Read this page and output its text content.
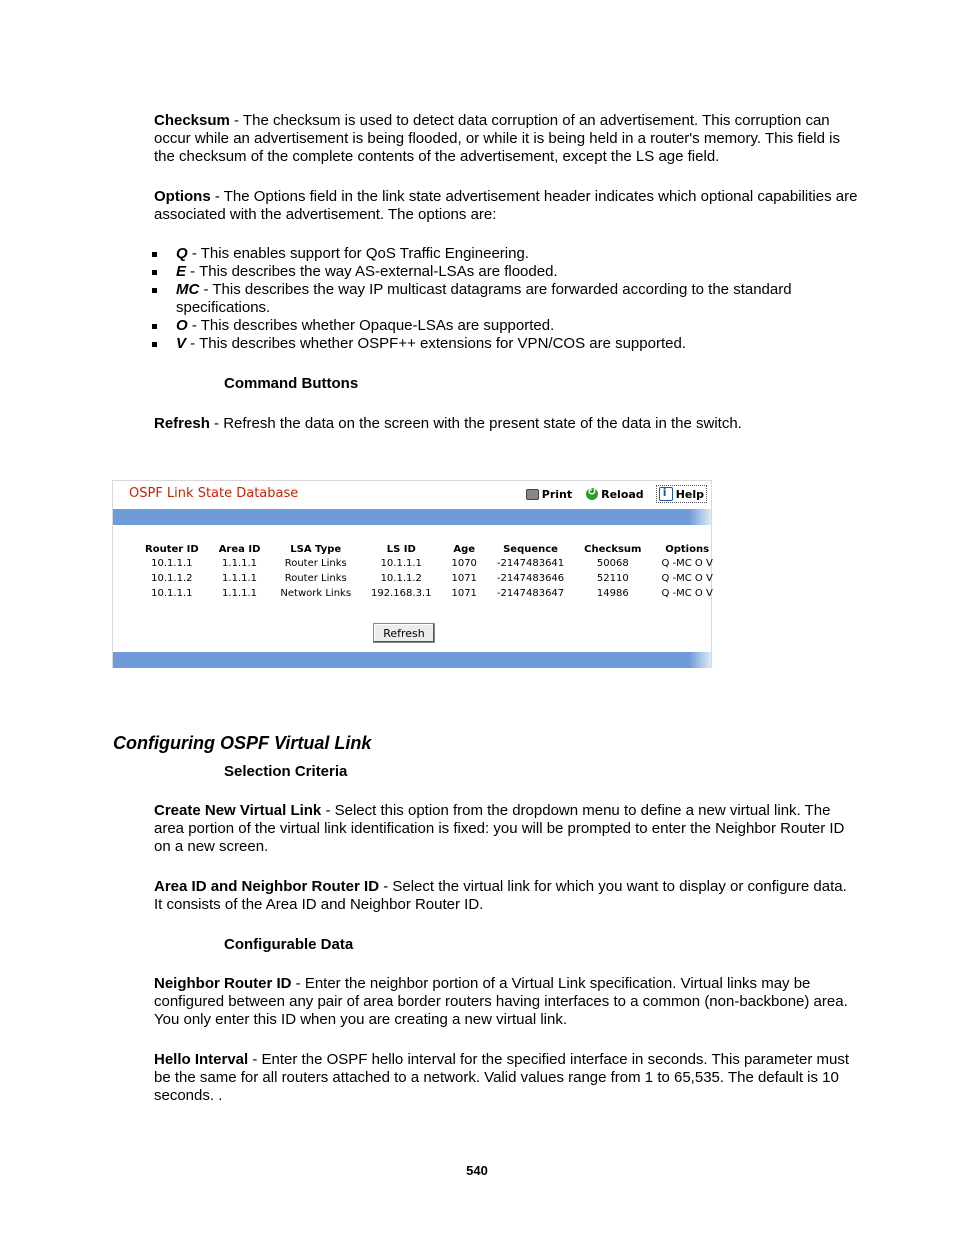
Checksum - The checksum is used to detect data corruption of an advertisement. This corruption can occur while an advertisement is being flooded, or while it is being held in a router's memory. This field is the checksum of the complete contents of the advertisement, except the LS age field.

Options - The Options field in the link state advertisement header indicates which optional capabilities are associated with the advertisement. The options are:

Q - This enables support for QoS Traffic Engineering.
E - This describes the way AS-external-LSAs are flooded.
MC - This describes the way IP multicast datagrams are forwarded according to the standard specifications.
O - This describes whether Opaque-LSAs are supported.
V - This describes whether OSPF++ extensions for VPN/COS are supported.

Command Buttons

Refresh - Refresh the data on the screen with the present state of the data in the switch.

OSPF Link State Database	Print ↻	Reload i	Help
Router ID	Area ID	LSA Type	LS ID	Age	Sequence	Checksum	Options
10.1.1.1	1.1.1.1	Router Links	10.1.1.1	1070	-2147483641	50068	Q -MC O V
10.1.1.2	1.1.1.1	Router Links	10.1.1.2	1071	-2147483646	52110	Q -MC O V
10.1.1.1	1.1.1.1	Network Links	192.168.3.1	1071	-2147483647	14986	Q -MC O V
Refresh

Configuring OSPF Virtual Link

Selection Criteria

Create New Virtual Link - Select this option from the dropdown menu to define a new virtual link. The area portion of the virtual link identification is fixed: you will be prompted to enter the Neighbor Router ID on a new screen.

Area ID and Neighbor Router ID - Select the virtual link for which you want to display or configure data. It consists of the Area ID and Neighbor Router ID.

Configurable Data

Neighbor Router ID - Enter the neighbor portion of a Virtual Link specification. Virtual links may be configured between any pair of area border routers having interfaces to a common (non-backbone) area. You only enter this ID when you are creating a new virtual link.

Hello Interval - Enter the OSPF hello interval for the specified interface in seconds. This parameter must be the same for all routers attached to a network. Valid values range from 1 to 65,535. The default is 10 seconds. .

540
